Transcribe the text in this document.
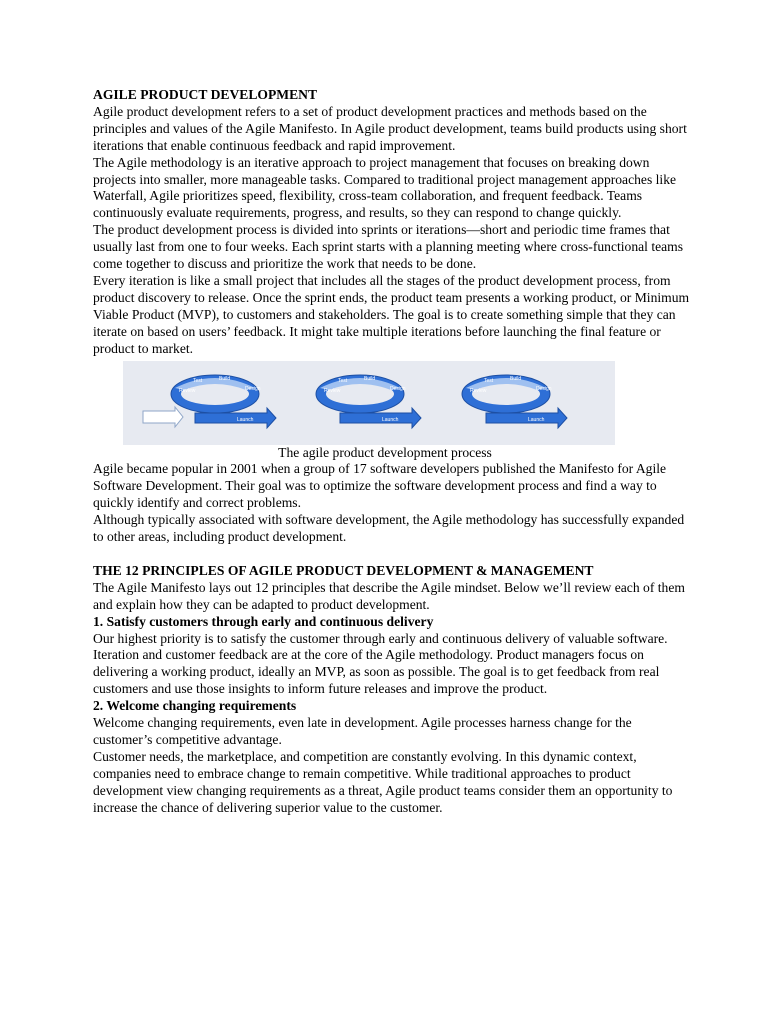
AGILE PRODUCT DEVELOPMENT

Agile product development refers to a set of product development practices and methods based on the principles and values of the Agile Manifesto. In Agile product development, teams build products using short iterations that enable continuous feedback and rapid improvement.

The Agile methodology is an iterative approach to project management that focuses on breaking down projects into smaller, more manageable tasks. Compared to traditional project management approaches like Waterfall, Agile prioritizes speed, flexibility, cross-team collaboration, and frequent feedback. Teams continuously evaluate requirements, progress, and results, so they can respond to change quickly.

The product development process is divided into sprints or iterations—short and periodic time frames that usually last from one to four weeks. Each sprint starts with a planning meeting where cross-functional teams come together to discuss and prioritize the work that needs to be done.

Every iteration is like a small project that includes all the stages of the product development process, from product discovery to release. Once the sprint ends, the product team presents a working product, or Minimum Viable Product (MVP), to customers and stakeholders. The goal is to create something simple that they can iterate on based on users’ feedback. It might take multiple iterations before launching the final feature or product to market.

Test	Build
Design
Review
Launch
Test	Build
Design
Review
Launch
Test	Build
Design
Review
Launch

The agile product development process

Agile became popular in 2001 when a group of 17 software developers published the Manifesto for Agile Software Development. Their goal was to optimize the software development process and find a way to quickly identify and correct problems.

Although typically associated with software development, the Agile methodology has successfully expanded to other areas, including product development.

THE 12 PRINCIPLES OF AGILE PRODUCT DEVELOPMENT & MANAGEMENT

The Agile Manifesto lays out 12 principles that describe the Agile mindset. Below we’ll review each of them and explain how they can be adapted to product development.

1. Satisfy customers through early and continuous delivery

Our highest priority is to satisfy the customer through early and continuous delivery of valuable software.

Iteration and customer feedback are at the core of the Agile methodology. Product managers focus on delivering a working product, ideally an MVP, as soon as possible. The goal is to get feedback from real customers and use those insights to inform future releases and improve the product.

2. Welcome changing requirements

Welcome changing requirements, even late in development. Agile processes harness change for the customer’s competitive advantage.

Customer needs, the marketplace, and competition are constantly evolving. In this dynamic context, companies need to embrace change to remain competitive. While traditional approaches to product development view changing requirements as a threat, Agile product teams consider them an opportunity to increase the chance of delivering superior value to the customer.
